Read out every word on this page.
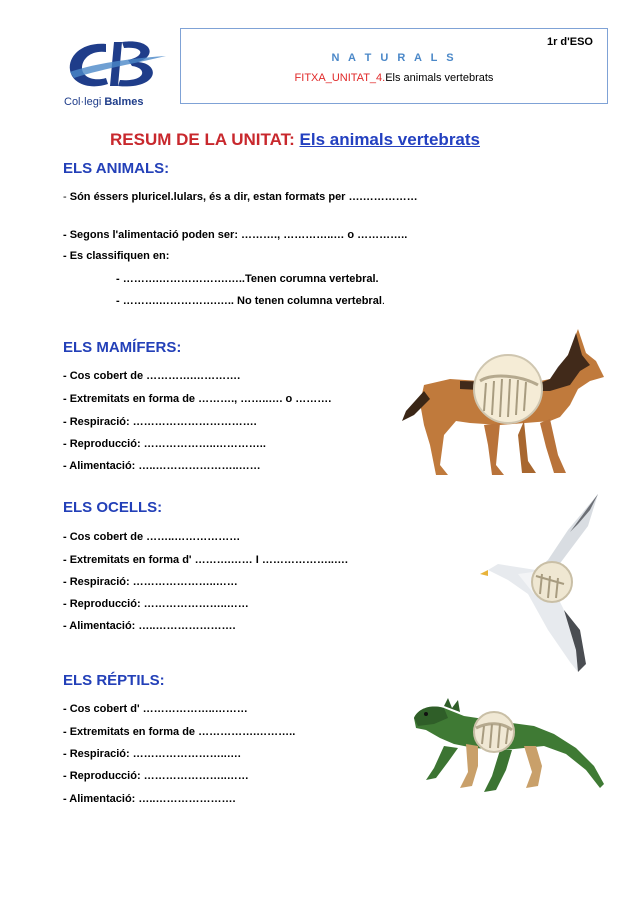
Col·legi Balmes
1r d'ESO
N A T U R A L S
FITXA_UNITAT_4.Els animals vertebrats
RESUM DE LA UNITAT: Els animals vertebrats
ELS ANIMALS:
- Són éssers pluricel.lulars, és a dir, estan formats per ….……………
- Segons l'alimentació poden ser: ………., …………..… o …………..
- Es classifiquen en:
- ……….……………….…..Tenen corumna vertebral.
- ……….…………….….. No tenen columna vertebral.
ELS MAMÍFERS:
- Cos cobert de ………….………….
- Extremitats en forma de ………., ……..…. o ……….
- Respiració: …………………………….
- Reproducció: ………………..…………..
- Alimentació: …..…………………..……
ELS OCELLS:
- Cos cobert de ……..………………
- Extremitats en forma d' ……….…… I ………………..….
- Respiració: …………………..……
- Reproducció: …………………..……
- Alimentació: …..………………….
ELS RÉPTILS:
- Cos cobert d' ………………..………
- Extremitats en forma de …………….………..
- Respiració: ……………………..….
- Reproducció: …………………..……
- Alimentació: …..………………….
